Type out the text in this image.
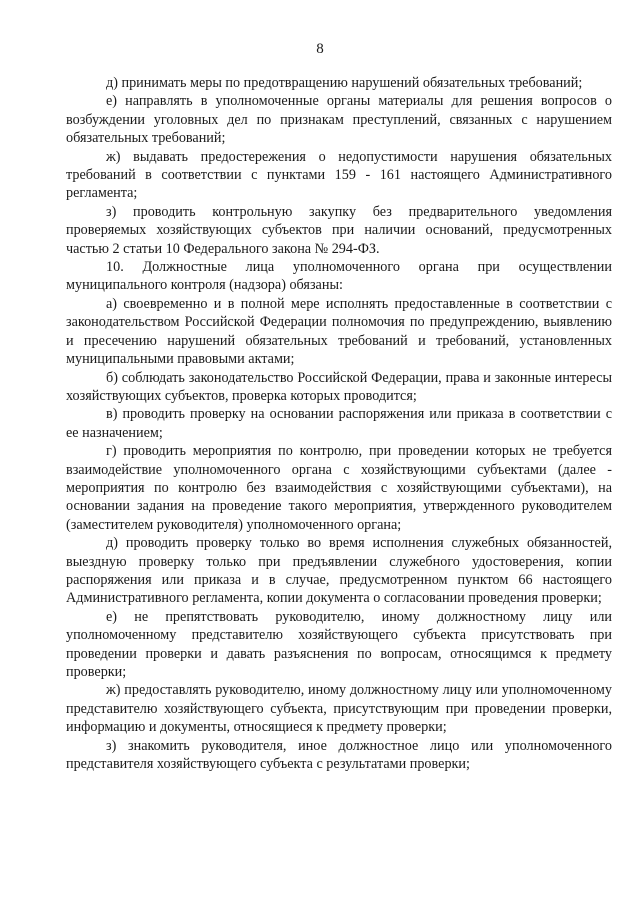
8

д) принимать меры по предотвращению нарушений обязательных требований;

е) направлять в уполномоченные органы материалы для решения вопросов о возбуждении уголовных дел по признакам преступлений, связанных с нарушением обязательных требований;

ж) выдавать предостережения о недопустимости нарушения обязательных требований в соответствии с пунктами 159 - 161 настоящего Административного регламента;

з) проводить контрольную закупку без предварительного уведомления проверяемых хозяйствующих субъектов при наличии оснований, предусмотренных частью 2 статьи 10 Федерального закона № 294-ФЗ.

10. Должностные лица уполномоченного органа при осуществлении муниципального контроля (надзора) обязаны:

а) своевременно и в полной мере исполнять предоставленные в соответствии с законодательством Российской Федерации полномочия по предупреждению, выявлению и пресечению нарушений обязательных требований и требований, установленных муниципальными правовыми актами;

б) соблюдать законодательство Российской Федерации, права и законные интересы хозяйствующих субъектов, проверка которых проводится;

в) проводить проверку на основании распоряжения или приказа в соответствии с ее назначением;

г) проводить мероприятия по контролю, при проведении которых не требуется взаимодействие уполномоченного органа с хозяйствующими субъектами (далее - мероприятия по контролю без взаимодействия с хозяйствующими субъектами), на основании задания на проведение такого мероприятия, утвержденного руководителем (заместителем руководителя) уполномоченного органа;

д) проводить проверку только во время исполнения служебных обязанностей, выездную проверку только при предъявлении служебного удостоверения, копии распоряжения или приказа и в случае, предусмотренном пунктом 66 настоящего Административного регламента, копии документа о согласовании проведения проверки;

е) не препятствовать руководителю, иному должностному лицу или уполномоченному представителю хозяйствующего субъекта присутствовать при проведении проверки и давать разъяснения по вопросам, относящимся к предмету проверки;

ж) предоставлять руководителю, иному должностному лицу или уполномоченному представителю хозяйствующего субъекта, присутствующим при проведении проверки, информацию и документы, относящиеся к предмету проверки;

з) знакомить руководителя, иное должностное лицо или уполномоченного представителя хозяйствующего субъекта с результатами проверки;
